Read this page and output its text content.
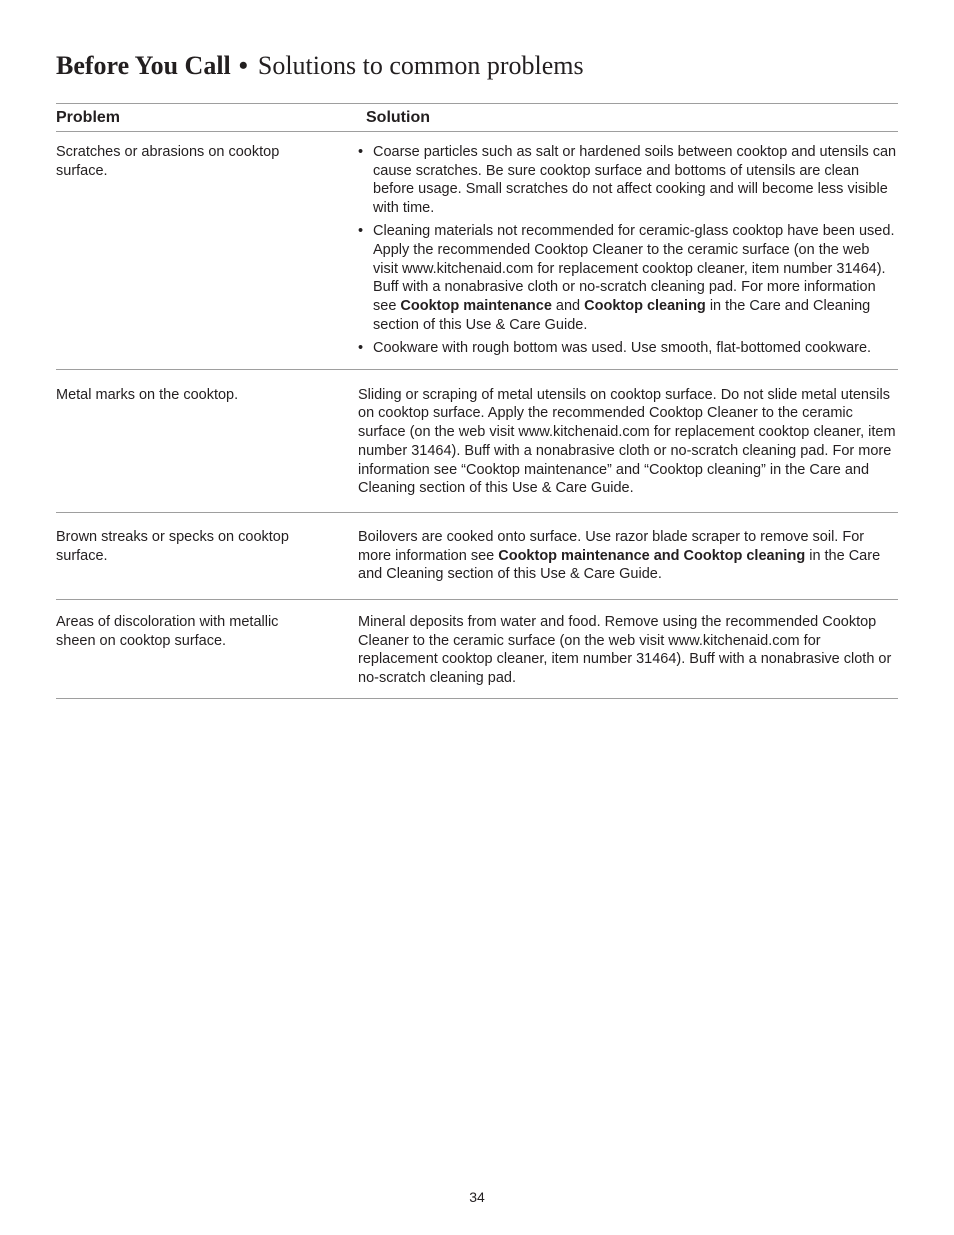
Before You Call • Solutions to common problems
Problem	Solution
Scratches or abrasions on cooktop surface.
• Coarse particles such as salt or hardened soils between cooktop and utensils can cause scratches. Be sure cooktop surface and bottoms of utensils are clean before usage. Small scratches do not affect cooking and will become less visible with time.
• Cleaning materials not recommended for ceramic-glass cooktop have been used. Apply the recommended Cooktop Cleaner to the ceramic surface (on the web visit www.kitchenaid.com for replacement cooktop cleaner, item number 31464). Buff with a nonabrasive cloth or no-scratch cleaning pad. For more information see Cooktop maintenance and Cooktop cleaning in the Care and Cleaning section of this Use & Care Guide.
• Cookware with rough bottom was used. Use smooth, flat-bottomed cookware.
Metal marks on the cooktop.	Sliding or scraping of metal utensils on cooktop surface. Do not slide metal utensils on cooktop surface. Apply the recommended Cooktop Cleaner to the ceramic surface (on the web visit www.kitchenaid.com for replacement cooktop cleaner, item number 31464). Buff with a nonabrasive cloth or no-scratch cleaning pad. For more information see “Cooktop maintenance” and “Cooktop cleaning” in the Care and Cleaning section of this Use & Care Guide.

Brown streaks or specks on cooktop surface.

Boilovers are cooked onto surface. Use razor blade scraper to remove soil. For more information see Cooktop maintenance and Cooktop cleaning in the Care and Cleaning section of this Use & Care Guide.

Areas of discoloration with metallic sheen on cooktop surface.

Mineral deposits from water and food. Remove using the recommended Cooktop Cleaner to the ceramic surface (on the web visit www.kitchenaid.com for replacement cooktop cleaner, item number 31464). Buff with a nonabrasive cloth or no-scratch cleaning pad.

34
